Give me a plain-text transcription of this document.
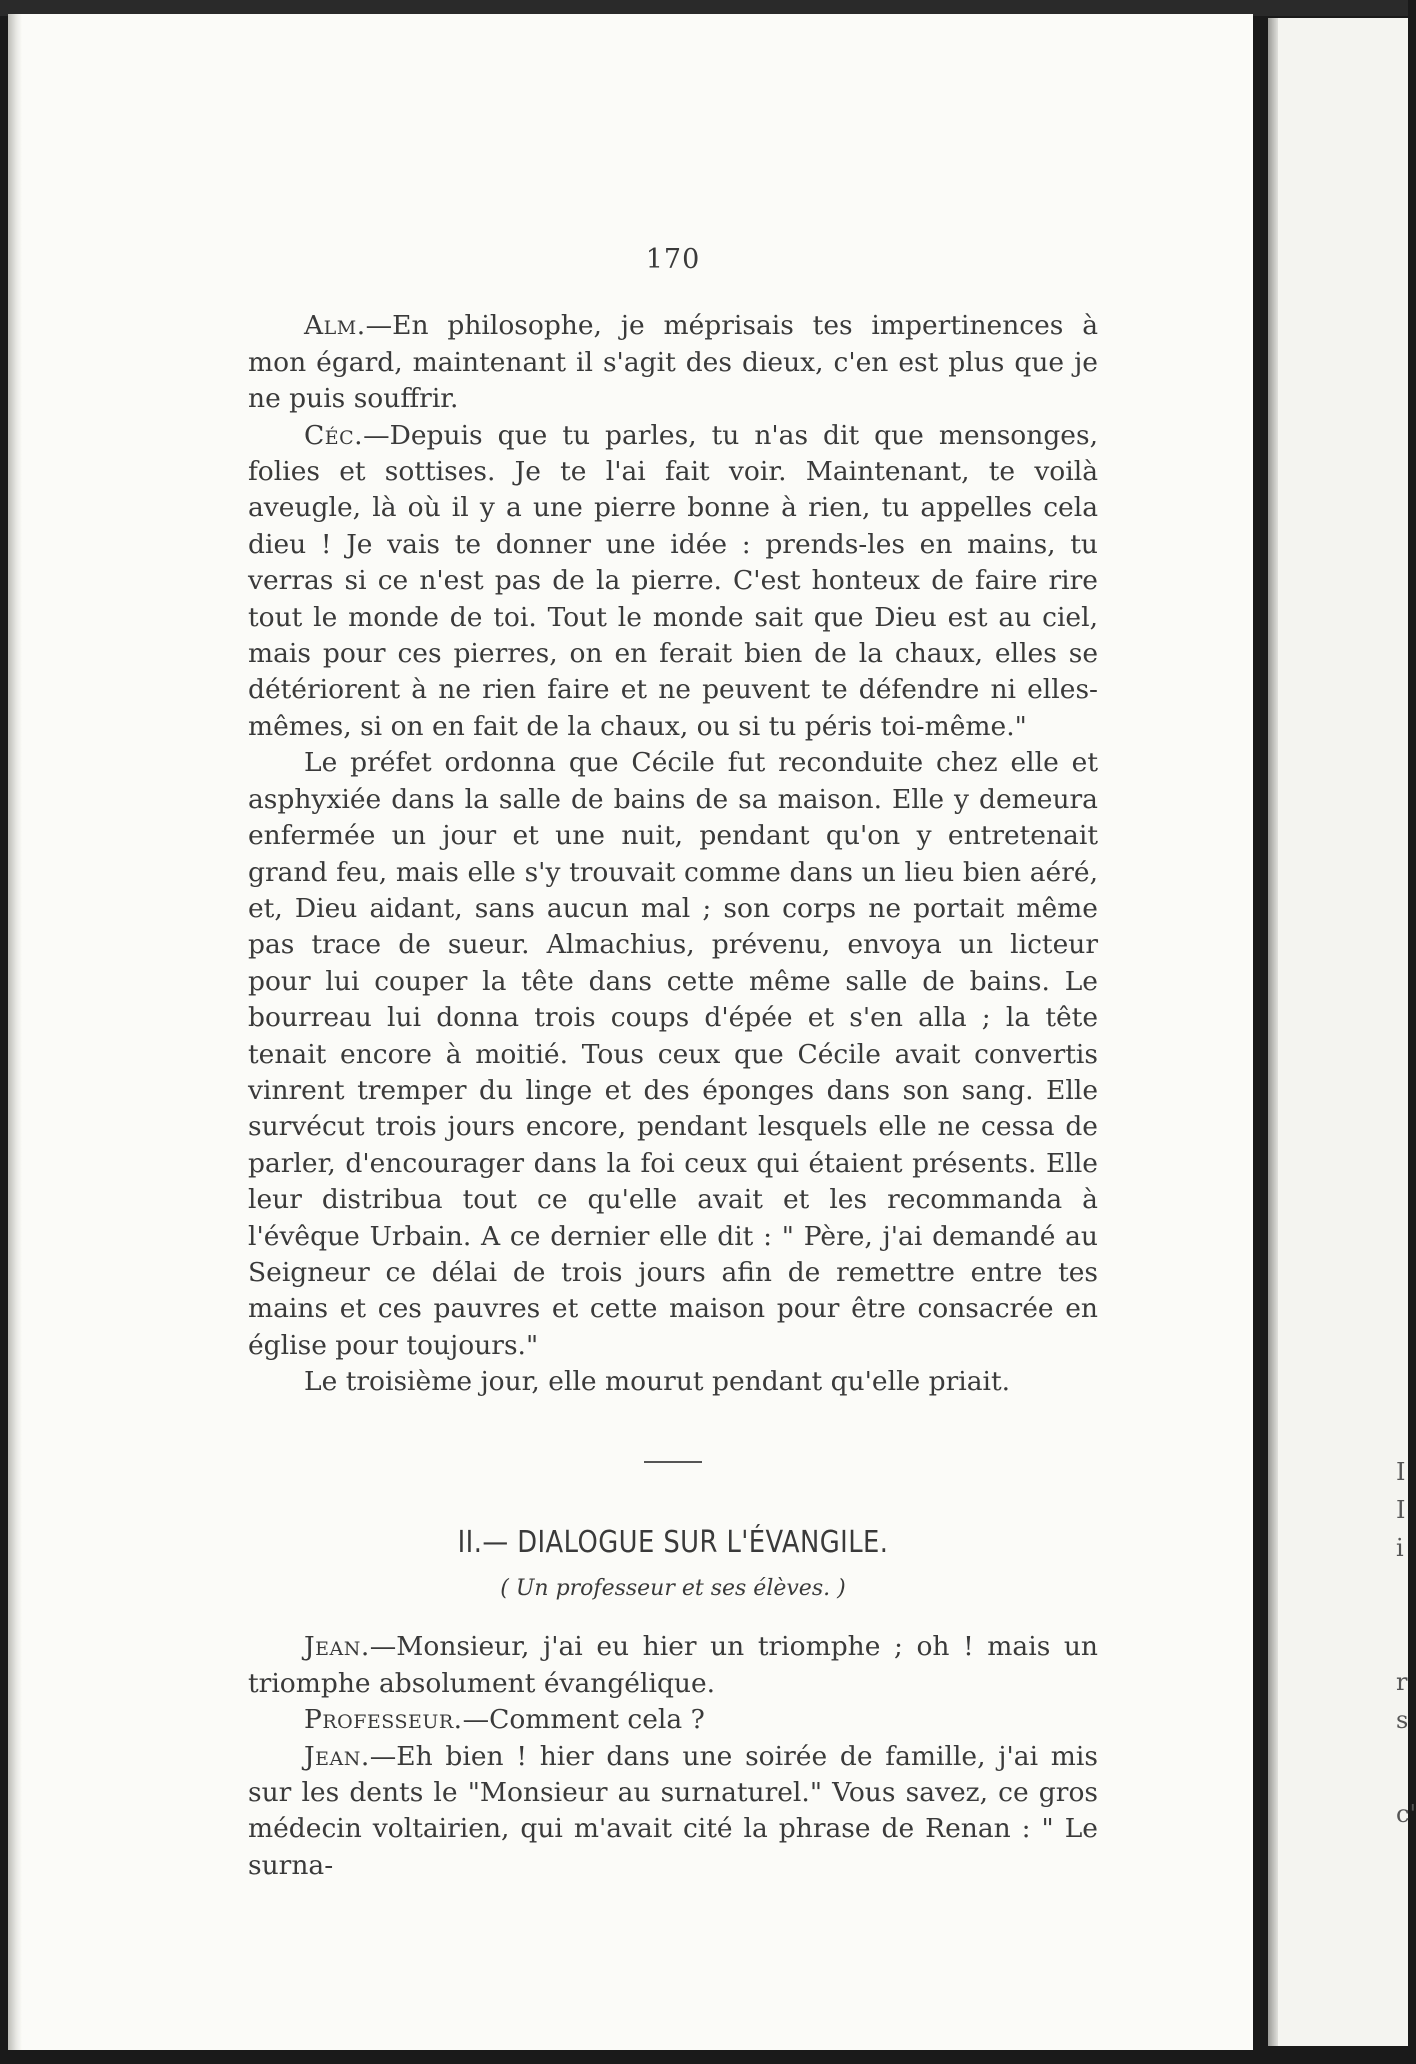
I
I
i
r
s
c'
170

Alm.—En philosophe, je méprisais tes impertinences à mon égard, maintenant il s'agit des dieux, c'en est plus que je ne puis souffrir.

Céc.—Depuis que tu parles, tu n'as dit que mensonges, folies et sottises. Je te l'ai fait voir. Maintenant, te voilà aveugle, là où il y a une pierre bonne à rien, tu appelles cela dieu ! Je vais te donner une idée : prends-les en mains, tu verras si ce n'est pas de la pierre. C'est honteux de faire rire tout le monde de toi. Tout le monde sait que Dieu est au ciel, mais pour ces pierres, on en ferait bien de la chaux, elles se détériorent à ne rien faire et ne peuvent te défendre ni elles-mêmes, si on en fait de la chaux, ou si tu péris toi-même."

Le préfet ordonna que Cécile fut reconduite chez elle et asphyxiée dans la salle de bains de sa maison. Elle y demeura enfermée un jour et une nuit, pendant qu'on y entretenait grand feu, mais elle s'y trouvait comme dans un lieu bien aéré, et, Dieu aidant, sans aucun mal ; son corps ne portait même pas trace de sueur. Almachius, prévenu, envoya un licteur pour lui couper la tête dans cette même salle de bains. Le bourreau lui donna trois coups d'épée et s'en alla ; la tête tenait encore à moitié. Tous ceux que Cécile avait convertis vinrent tremper du linge et des éponges dans son sang. Elle survécut trois jours encore, pendant lesquels elle ne cessa de parler, d'encourager dans la foi ceux qui étaient présents. Elle leur distribua tout ce qu'elle avait et les recommanda à l'évêque Urbain. A ce dernier elle dit : " Père, j'ai demandé au Seigneur ce délai de trois jours afin de remettre entre tes mains et ces pauvres et cette maison pour être consacrée en église pour toujours."

Le troisième jour, elle mourut pendant qu'elle priait.

II.— DIALOGUE SUR L'ÉVANGILE.
( Un professeur et ses élèves. )

Jean.—Monsieur, j'ai eu hier un triomphe ; oh ! mais un triomphe absolument évangélique.

Professeur.—Comment cela ?

Jean.—Eh bien ! hier dans une soirée de famille, j'ai mis sur les dents le "Monsieur au surnaturel." Vous savez, ce gros médecin voltairien, qui m'avait cité la phrase de Renan : " Le surna-
